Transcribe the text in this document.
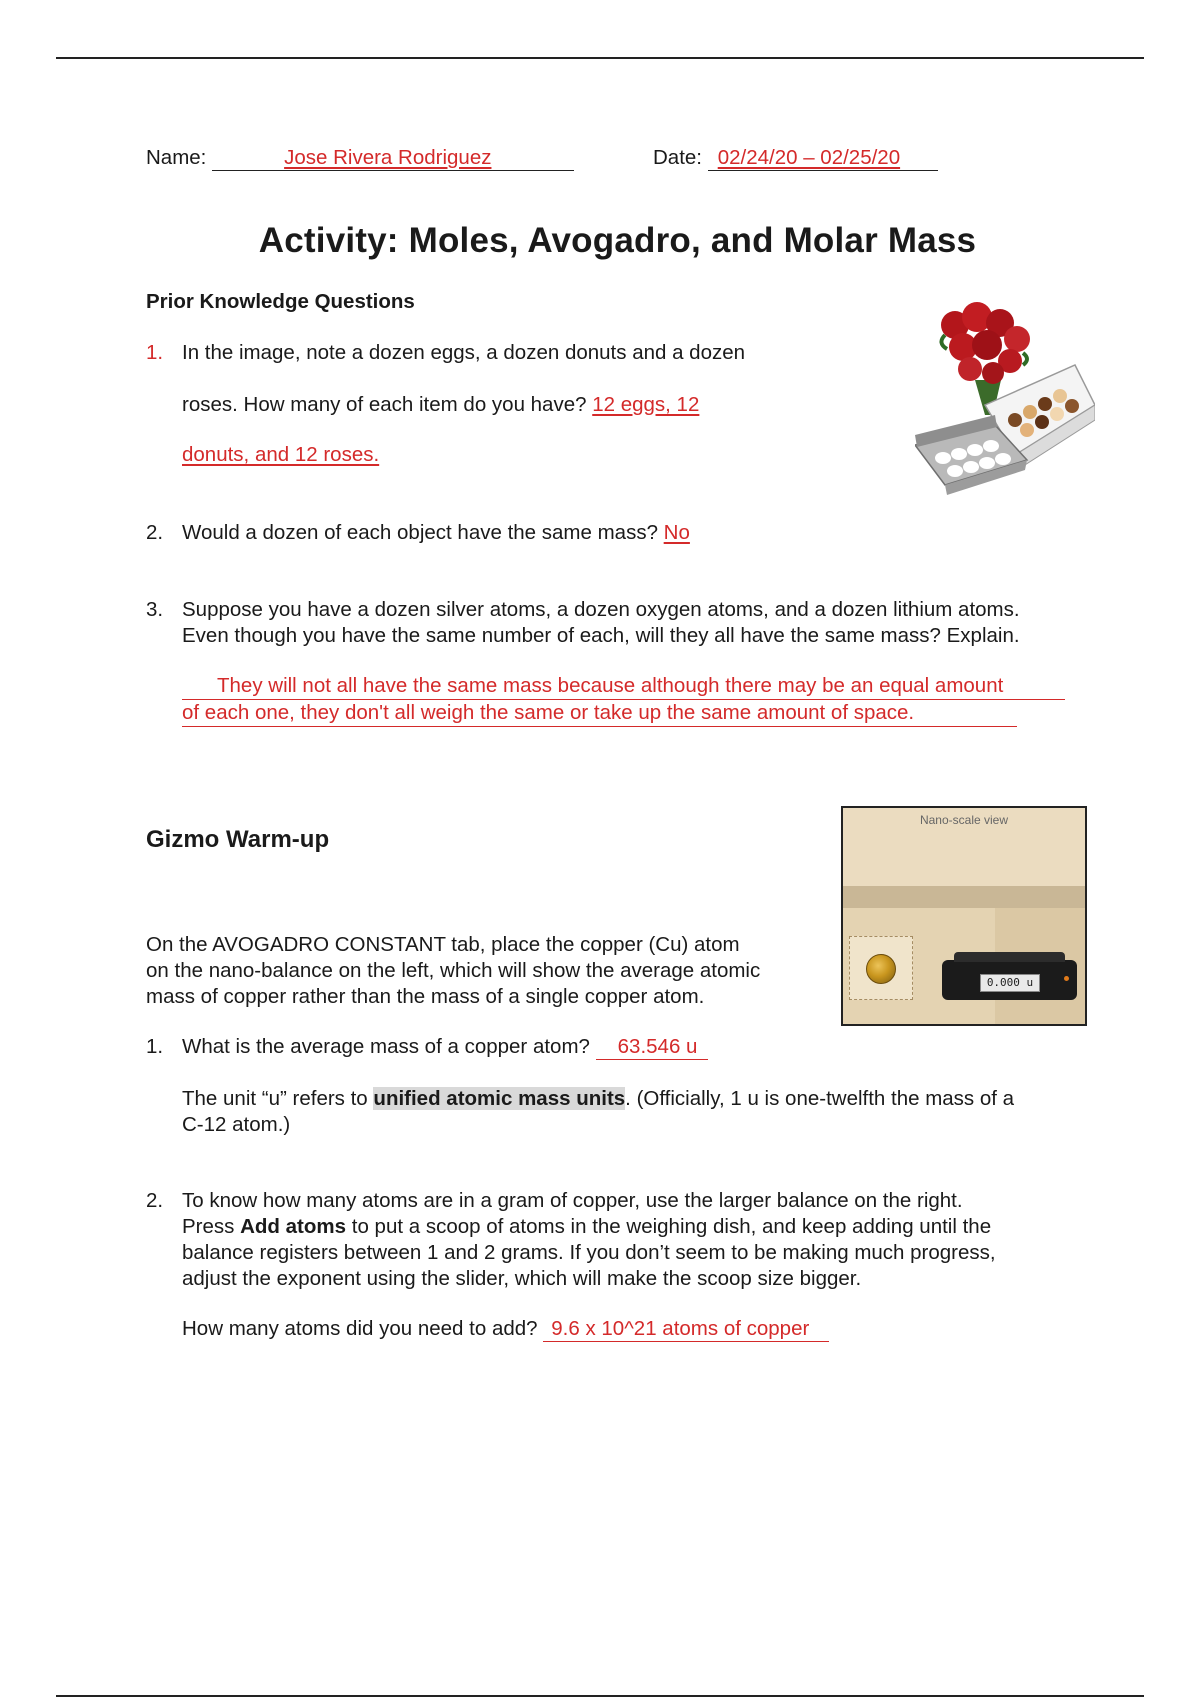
Name:	Jose Rivera Rodriguez	Date: 02/24/20 – 02/25/20
Activity: Moles, Avogadro, and Molar Mass
Prior Knowledge Questions
1. In the image, note a dozen eggs, a dozen donuts and a dozen
roses. How many of each item do you have? 12 eggs, 12
donuts, and 12 roses.
2. Would a dozen of each object have the same mass? No
3. Suppose you have a dozen silver atoms, a dozen oxygen atoms, and a dozen lithium atoms.
Even though you have the same number of each, will they all have the same mass? Explain.
They will not all have the same mass because although there may be an equal amount
of each one, they don't all weigh the same or take up the same amount of space.
Gizmo Warm-up
Nano-scale view
0.000 u
On the AVOGADRO CONSTANT tab, place the copper (Cu) atom
on the nano-balance on the left, which will show the average atomic
mass of copper rather than the mass of a single copper atom.
1. What is the average mass of a copper atom? 63.546 u
The unit “u” refers to unified atomic mass units. (Officially, 1 u is one-twelfth the mass of a
C-12 atom.)
2. To know how many atoms are in a gram of copper, use the larger balance on the right.
Press Add atoms to put a scoop of atoms in the weighing dish, and keep adding until the
balance registers between 1 and 2 grams. If you don’t seem to be making much progress,
adjust the exponent using the slider, which will make the scoop size bigger.
How many atoms did you need to add? 9.6 x 10^21 atoms of copper
